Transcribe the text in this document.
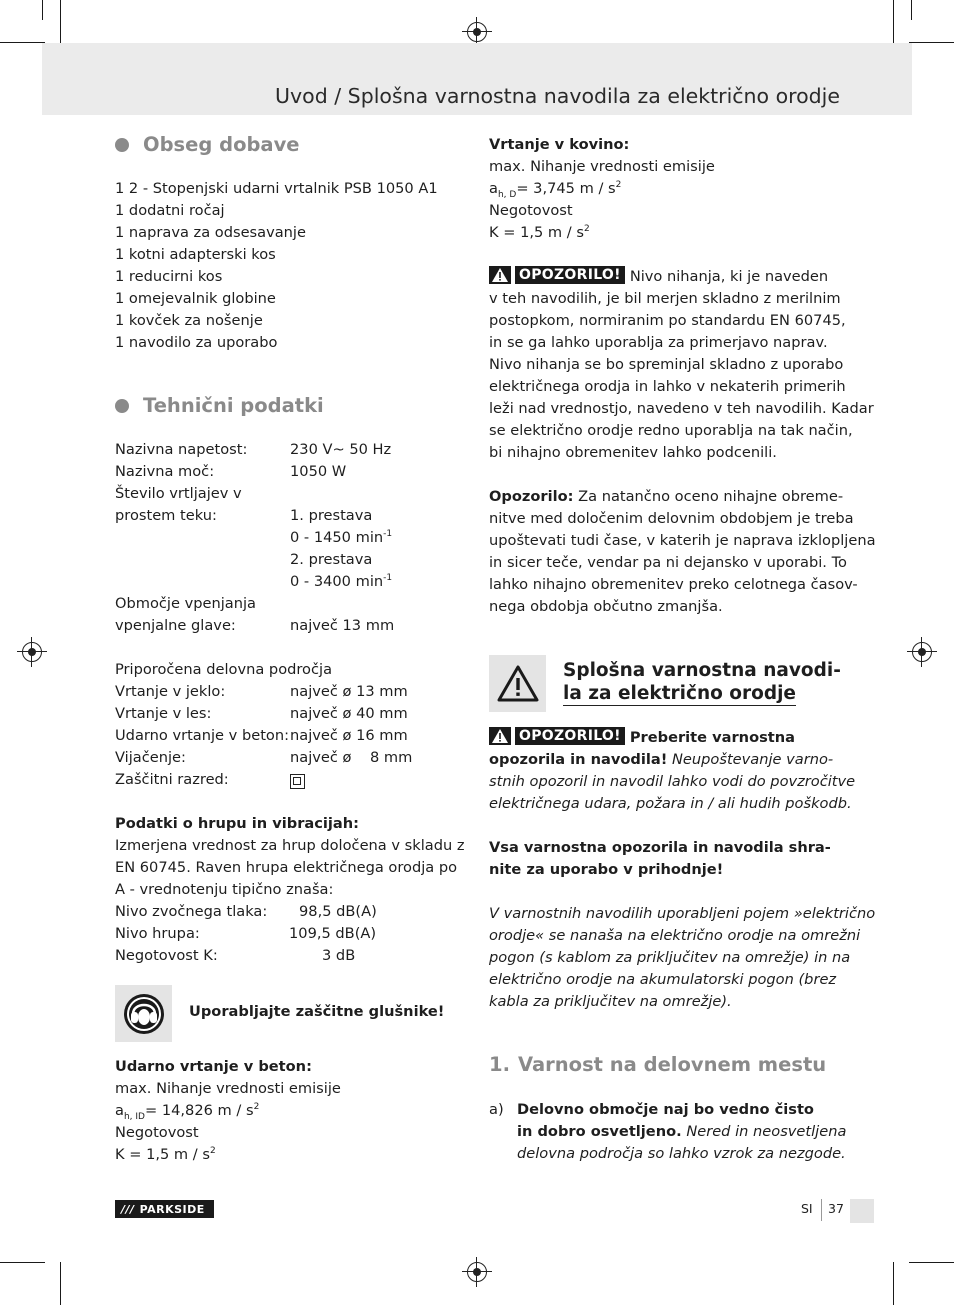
Uvod / Splošna varnostna navodila za električno orodje
Obseg dobave
1 2 - Stopenjski udarni vrtalnik PSB 1050 A1
1 dodatni ročaj
1 naprava za odsesavanje
1 kotni adapterski kos
1 reducirni kos
1 omejevalnik globine
1 kovček za nošenje
1 navodilo za uporabo
Tehnični podatki
Nazivna napetost:	230 V~ 50 Hz
Nazivna moč:	1050 W
Število vrtljajev v
prostem teku:	1. prestava
0 - 1450 $\min^{-1}$
2. prestava
0 - 3400 $\min^{-1}$
Območje vpenjanja
vpenjalne glave:	največ 13 mm
Priporočena delovna področja
Vrtanje v jeklo:	največ ø 13 mm
Vrtanje v les:	največ ø 40 mm
Udarno vrtanje v beton: največ ø 16 mm
Vijačenje:	največ ø    8 mm
Zaščitni razred:
Podatki o hrupu in vibracijah:
Izmerjena vrednost za hrup določena v skladu z
EN 60745. Raven hrupa električnega orodja po
A - vrednotenju tipično znaša:
Nivo zvočnega tlaka:	98,5 dB(A)
Nivo hrupa:	109,5 dB(A)
Negotovost K:	3 dB
Uporabljajte zaščitne glušnike!
Udarno vrtanje v beton:
max. Nihanje vrednosti emisije
$a_{h, ID}= 14,826$ m / $s^2$
Negotovost
K = 1,5 m / $s^2$
Vrtanje v kovino:
max. Nihanje vrednosti emisije
$a_{h, D}= 3,745$ m / $s^2$
Negotovost
K = 1,5 m / $s^2$
OPOZORILO! Nivo nihanja, ki je naveden
v teh navodilih, je bil merjen skladno z merilnim
postopkom, normiranim po standardu EN 60745,
in se ga lahko uporablja za primerjavo naprav.
Nivo nihanja se bo spreminjal skladno z uporabo
električnega orodja in lahko v nekaterih primerih
leži nad vrednostjo, navedeno v teh navodilih. Kadar
se električno orodje redno uporablja na tak način,
bi nihajno obremenitev lahko podcenili.
Opozorilo: Za natančno oceno nihajne obreme-
nitve med določenim delovnim obdobjem je treba
upoštevati tudi čase, v katerih je naprava izklopljena
in sicer teče, vendar pa ni dejansko v uporabi. To
lahko nihajno obremenitev preko celotnega časov-
nega obdobja občutno zmanjša.
Splošna varnostna navodi-
la za električno orodje
OPOZORILO! Preberite varnostna
opozorila in navodila! Neupoštevanje varno-
stnih opozoril in navodil lahko vodi do povzročitve
električnega udara, požara in / ali hudih poškodb.
Vsa varnostna opozorila in navodila shra-
nite za uporabo v prihodnje!
V varnostnih navodilih uporabljeni pojem »električno
orodje« se nanaša na električno orodje na omrežni
pogon (s kablom za priključitev na omrežje) in na
električno orodje na akumulatorski pogon (brez
kabla za priključitev na omrežje).
1. Varnost na delovnem mestu
a) Delovno območje naj bo vedno čisto
in dobro osvetljeno. Nered in neosvetljena
delovna področja so lahko vzrok za nezgode.
/// PARKSIDE	SI 37
